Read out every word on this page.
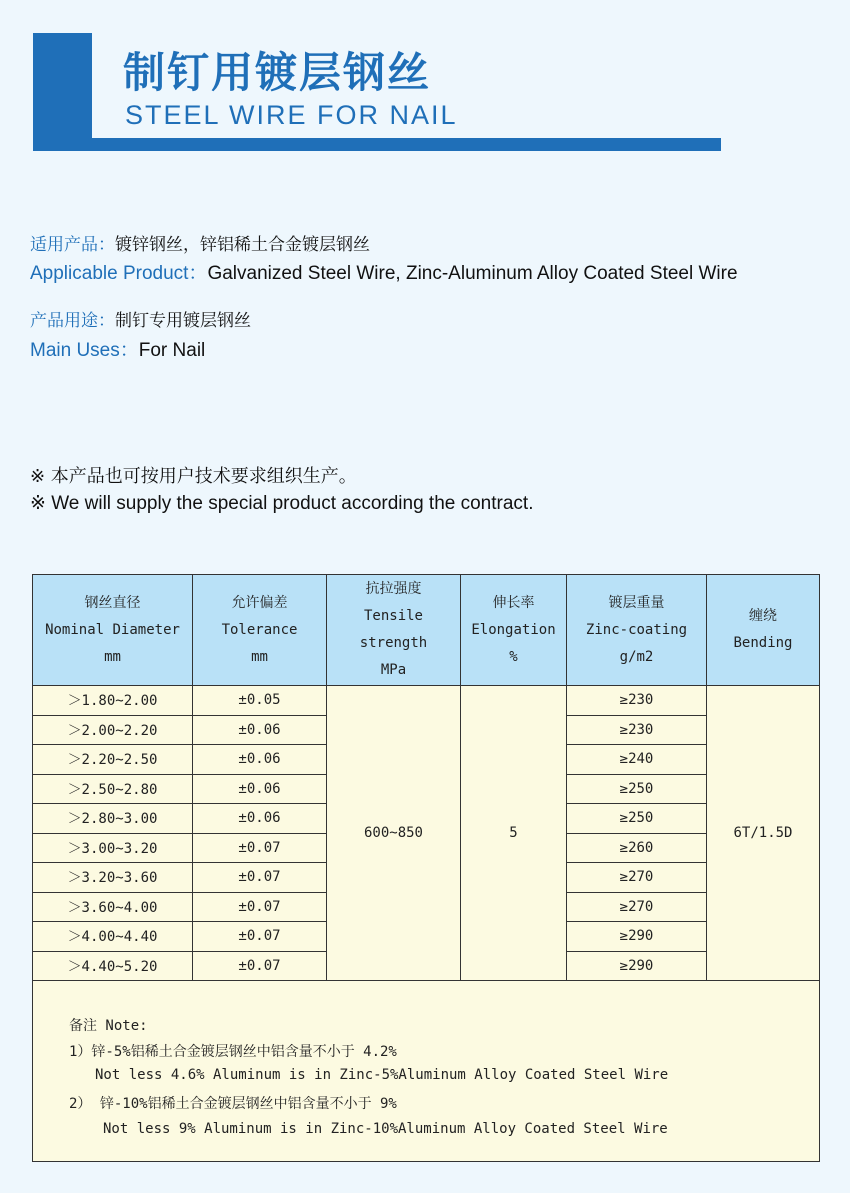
制钉用镀层钢丝
STEEL WIRE FOR NAIL
适用产品：镀锌钢丝，锌铝稀土合金镀层钢丝
Applicable Product：Galvanized Steel Wire, Zinc-Aluminum Alloy Coated Steel Wire
产品用途：制钉专用镀层钢丝
Main Uses：For Nail
※ 本产品也可按用户技术要求组织生产。
※ We will supply the special product according the contract.
钢丝直径
Nominal Diameter
mm	允许偏差
Tolerance
mm	抗拉强度
Tensile
strength
MPa	伸长率
Elongation
%	镀层重量
Zinc-coating
g/m2	缠绕
Bending

＞1.80~2.00	±0.05	600~850	5	≥230	6T/1.5D
＞2.00~2.20	±0.06			≥230	
＞2.20~2.50	±0.06			≥240	
＞2.50~2.80	±0.06			≥250	
＞2.80~3.00	±0.06			≥250	
＞3.00~3.20	±0.07			≥260	
＞3.20~3.60	±0.07			≥270	
＞3.60~4.00	±0.07			≥270	
＞4.00~4.40	±0.07			≥290	
＞4.40~5.20	±0.07			≥290	

备注 Note:
1）锌-5%铝稀土合金镀层钢丝中铝含量不小于 4.2%
Not less 4.6% Aluminum is in Zinc-5%Aluminum Alloy Coated Steel Wire
2） 锌-10%铝稀土合金镀层钢丝中铝含量不小于 9%
Not less 9% Aluminum is in Zinc-10%Aluminum Alloy Coated Steel Wire					
